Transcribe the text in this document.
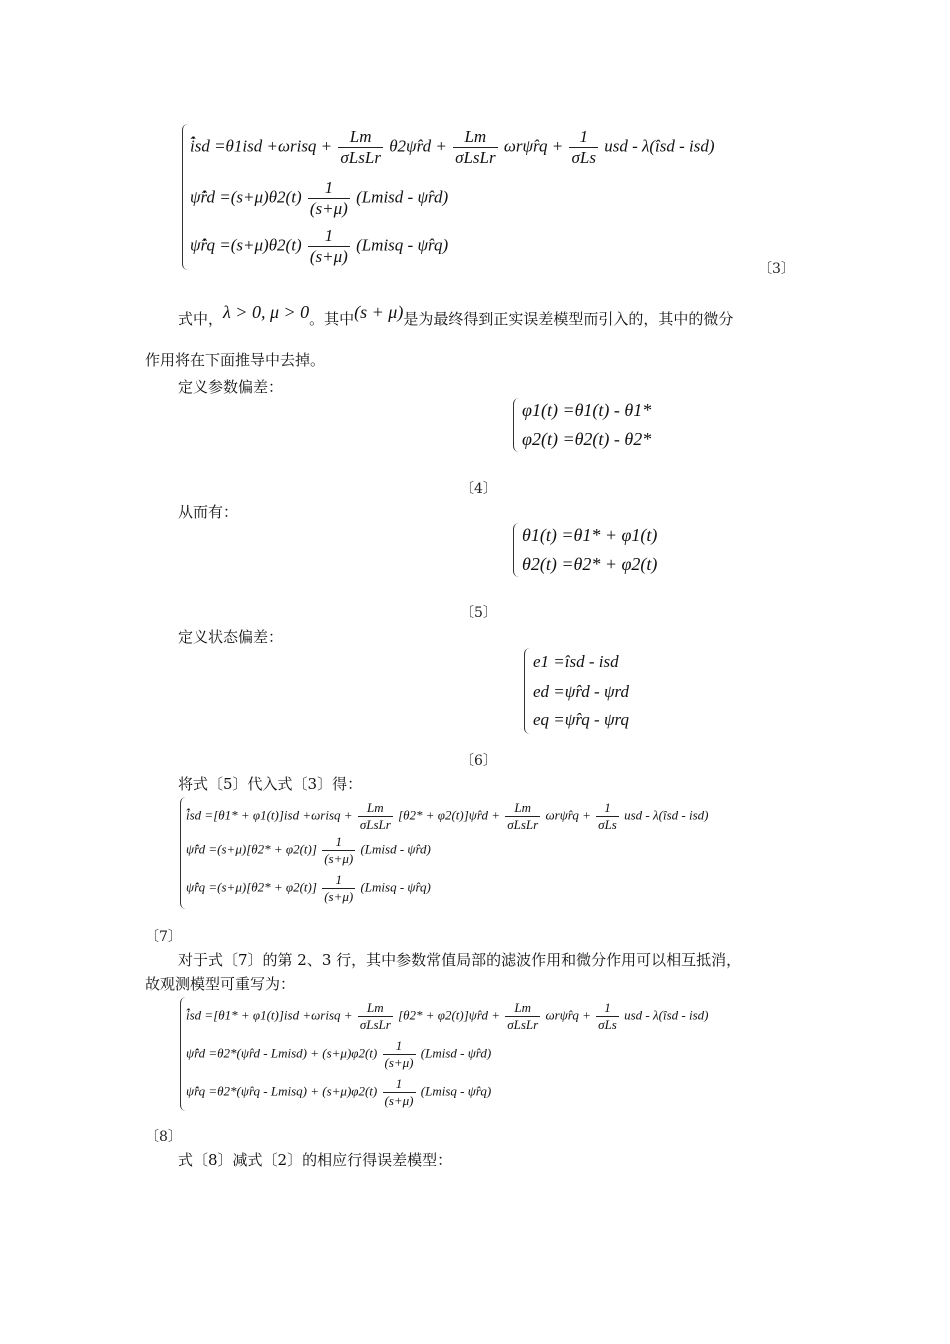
i̇̂sd =θ1isd +ωrisq + $\frac{Lm}{\text{σLsLr}}$ θ2ψ̂rd + $\frac{Lm}{\text{σLsLr}}$ ωrψ̂rq + $\frac{1}{\text{σLs}}$ usd - λ(îsd - isd)
ψ̂̇rd $=(s+\mu)\theta 2(t) \frac{1}{(s+\mu)}$ (Lmisd - ψ̂rd)
ψ̂̇rq $=(s+\mu)\theta 2(t) \frac{1}{(s+\mu)}$ (Lmisq - ψ̂rq)
〔3〕
式中，λ > 0, μ > 0。其中(s + μ)是为最终得到正实误差模型而引入的，其中的微分
作用将在下面推导中去掉。
定义参数偏差：
φ1(t) =θ1(t) - θ1*
φ2(t) =θ2(t) - θ2*
〔4〕
从而有：
θ1(t) =θ1* + φ1(t)
θ2(t) =θ2* + φ2(t)
〔5〕
定义状态偏差：
e1 =îsd - isd
ed =ψ̂rd - ψrd
eq =ψ̂rq - ψrq
〔6〕
将式〔5〕代入式〔3〕得：
i̇̂sd =[θ1* + φ1(t)]isd +ωrisq + $\frac{Lm}{\text{σLsLr}} [\theta 2*$ + φ2(t)]ψ̂rd + $\frac{Lm}{\text{σLsLr}}$ ωrψ̂rq + $\frac{1}{\text{σLs}}$ usd - λ(îsd - isd)
ψ̂̇rd $=(s+\mu)[\theta 2* + \varphi 2(t)] \frac{1}{(s+\mu)}$ (Lmisd - ψ̂rd)
ψ̂̇rq $=(s+\mu)[\theta 2* + \varphi 2(t)] \frac{1}{(s+\mu)}$ (Lmisq - ψ̂rq)
〔7〕
对于式〔7〕的第 2、3 行，其中参数常值局部的滤波作用和微分作用可以相互抵消，
故观测模型可重写为：
i̇̂sd =[θ1* + φ1(t)]isd +ωrisq + $\frac{Lm}{\text{σLsLr}} [\theta 2*$ + φ2(t)]ψ̂rd + $\frac{Lm}{\text{σLsLr}}$ ωrψ̂rq + $\frac{1}{\text{σLs}}$ usd - λ(îsd - isd)
ψ̂̇rd =θ2*(ψ̂rd - Lmisd) + $(s+\mu)\varphi 2(t) \frac{1}{(s+\mu)}$ (Lmisd - ψ̂rd)
ψ̂̇rq =θ2*(ψ̂rq - Lmisq) + $(s+\mu)\varphi 2(t) \frac{1}{(s+\mu)}$ (Lmisq - ψ̂rq)
〔8〕
式〔8〕减式〔2〕的相应行得误差模型：
